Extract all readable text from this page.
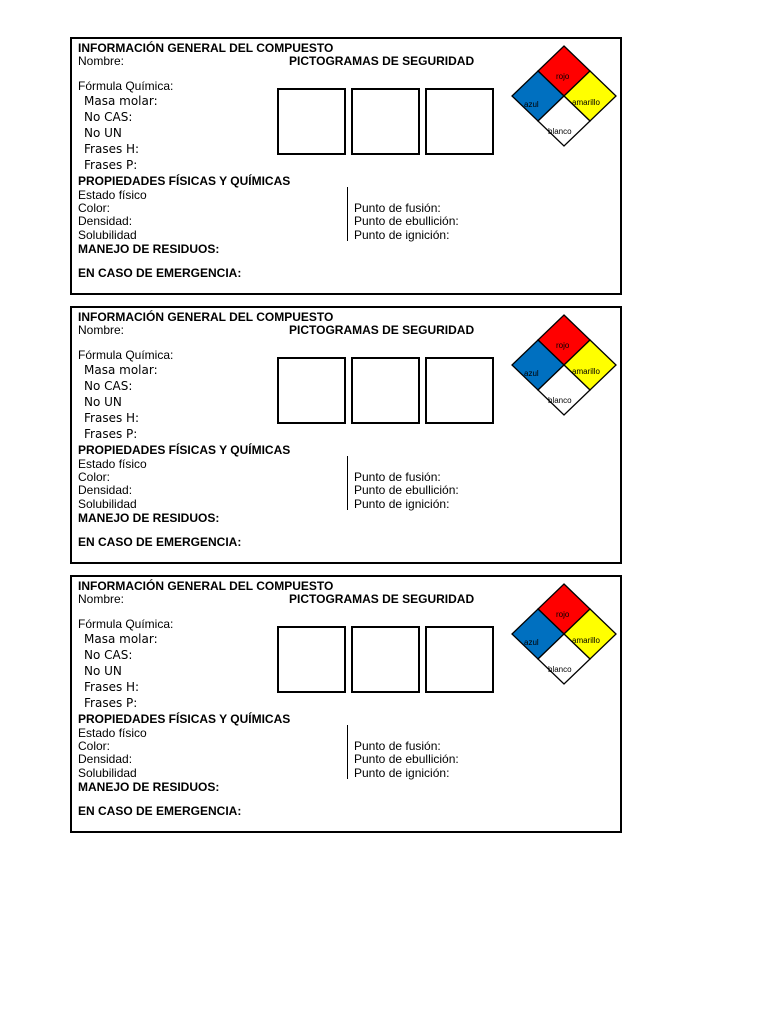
INFORMACIÓN GENERAL DEL COMPUESTO
Nombre:	PICTOGRAMAS DE SEGURIDAD
Fórmula Química:
Masa molar:
No CAS:
No UN
Frases H:
Frases P:
rojo
azul	amarillo
blanco
PROPIEDADES FÍSICAS Y QUÍMICAS
Estado físico
Color:
Densidad:
Solubilidad
Punto de fusión:
Punto de ebullición:
Punto de ignición:
MANEJO DE RESIDUOS:
EN CASO DE EMERGENCIA:
INFORMACIÓN GENERAL DEL COMPUESTO
Nombre:	PICTOGRAMAS DE SEGURIDAD
Fórmula Química:
Masa molar:
No CAS:
No UN
Frases H:
Frases P:
rojo
azul	amarillo
blanco
PROPIEDADES FÍSICAS Y QUÍMICAS
Estado físico
Color:
Densidad:
Solubilidad
Punto de fusión:
Punto de ebullición:
Punto de ignición:
MANEJO DE RESIDUOS:
EN CASO DE EMERGENCIA:
INFORMACIÓN GENERAL DEL COMPUESTO
Nombre:	PICTOGRAMAS DE SEGURIDAD
Fórmula Química:
Masa molar:
No CAS:
No UN
Frases H:
Frases P:
rojo
azul	amarillo
blanco
PROPIEDADES FÍSICAS Y QUÍMICAS
Estado físico
Color:
Densidad:
Solubilidad
Punto de fusión:
Punto de ebullición:
Punto de ignición:
MANEJO DE RESIDUOS:
EN CASO DE EMERGENCIA:
